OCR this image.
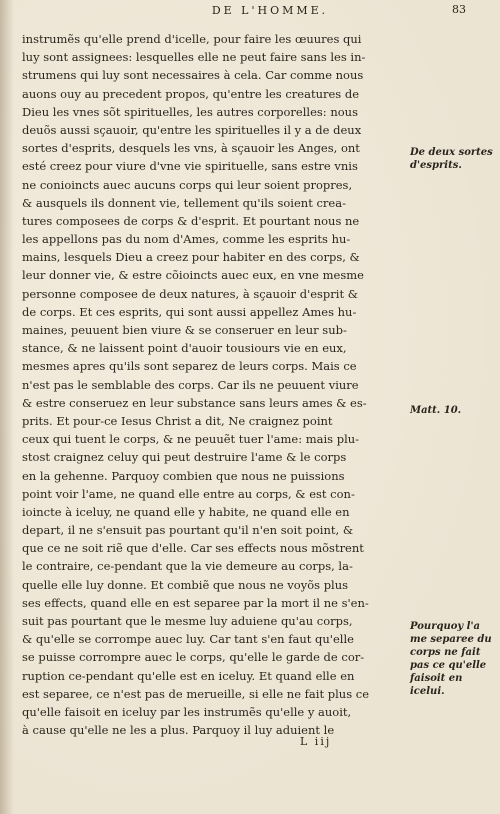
DE L'HOMME.	83
instrumẽs qu'elle prend d'icelle, pour faire les œuures qui
luy sont assignees: lesquelles elle ne peut faire sans les in-
strumens qui luy sont necessaires à cela. Car comme nous
auons ouy au precedent propos, qu'entre les creatures de
Dieu les vnes sõt spirituelles, les autres corporelles: nous
deuõs aussi sçauoir, qu'entre les spirituelles il y a de deux
sortes d'esprits, desquels les vns, à sçauoir les Anges, ont
esté creez pour viure d'vne vie spirituelle, sans estre vnis
ne conioincts auec aucuns corps qui leur soient propres,
& ausquels ils donnent vie, tellement qu'ils soient crea-
tures composees de corps & d'esprit. Et pourtant nous ne
les appellons pas du nom d'Ames, comme les esprits hu-
mains, lesquels Dieu a creez pour habiter en des corps, &
leur donner vie, & estre cõioincts auec eux, en vne mesme
personne composee de deux natures, à sçauoir d'esprit &
de corps. Et ces esprits, qui sont aussi appellez Ames hu-
maines, peuuent bien viure & se conseruer en leur sub-
stance, & ne laissent point d'auoir tousiours vie en eux,
mesmes apres qu'ils sont separez de leurs corps. Mais ce
n'est pas le semblable des corps. Car ils ne peuuent viure
& estre conseruez en leur substance sans leurs ames & es-
prits. Et pour-ce Iesus Christ a dit, Ne craignez point
ceux qui tuent le corps, & ne peuuẽt tuer l'ame: mais plu-
stost craignez celuy qui peut destruire l'ame & le corps
en la gehenne. Parquoy combien que nous ne puissions
point voir l'ame, ne quand elle entre au corps, & est con-
ioincte à iceluy, ne quand elle y habite, ne quand elle en
depart, il ne s'ensuit pas pourtant qu'il n'en soit point, &
que ce ne soit riẽ que d'elle. Car ses effects nous mõstrent
le contraire, ce-pendant que la vie demeure au corps, la-
quelle elle luy donne. Et combiẽ que nous ne voyõs plus
ses effects, quand elle en est separee par la mort il ne s'en-
suit pas pourtant que le mesme luy aduiene qu'au corps,
& qu'elle se corrompe auec luy. Car tant s'en faut qu'elle
se puisse corrompre auec le corps, qu'elle le garde de cor-
ruption ce-pendant qu'elle est en iceluy. Et quand elle en
est separee, ce n'est pas de merueille, si elle ne fait plus ce
qu'elle faisoit en iceluy par les instrumẽs qu'elle y auoit,
à cause qu'elle ne les a plus. Parquoy il luy aduient le
De deux sortes d'esprits.
Matt. 10.
Pourquoy l'a me separee du corps ne fait pas ce qu'elle faisoit en icelui.
L iij
